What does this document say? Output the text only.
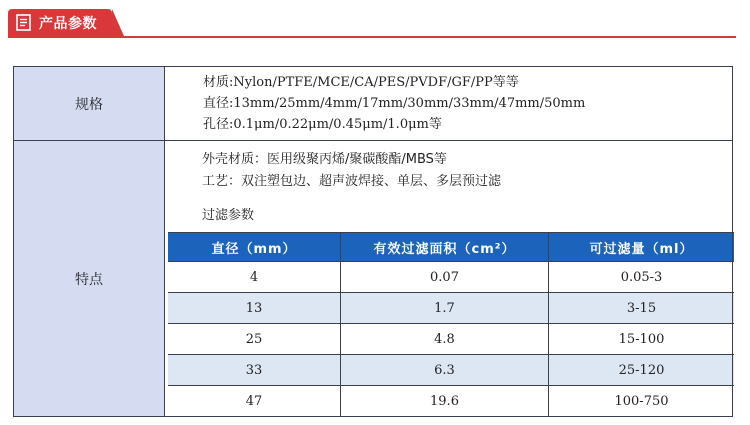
产品参数
规格	
材质:Nylon/PTFE/MCE/CA/PES/PVDF/GF/PP等等
直径:13mm/25mm/4mm/17mm/30mm/33mm/47mm/50mm
孔径:0.1μm/0.22μm/0.45μm/1.0μm等

特点	
外壳材质：医用级聚丙烯/聚碳酸酯/MBS等
工艺：双注塑包边、超声波焊接、单层、多层预过滤
过滤参数
直径（mm）	有效过滤面积（cm²）	可过滤量（ml）
4	0.07	0.05-3
13	1.7	3-15
25	4.8	15-100
33	6.3	25-120
47	19.6	100-750
